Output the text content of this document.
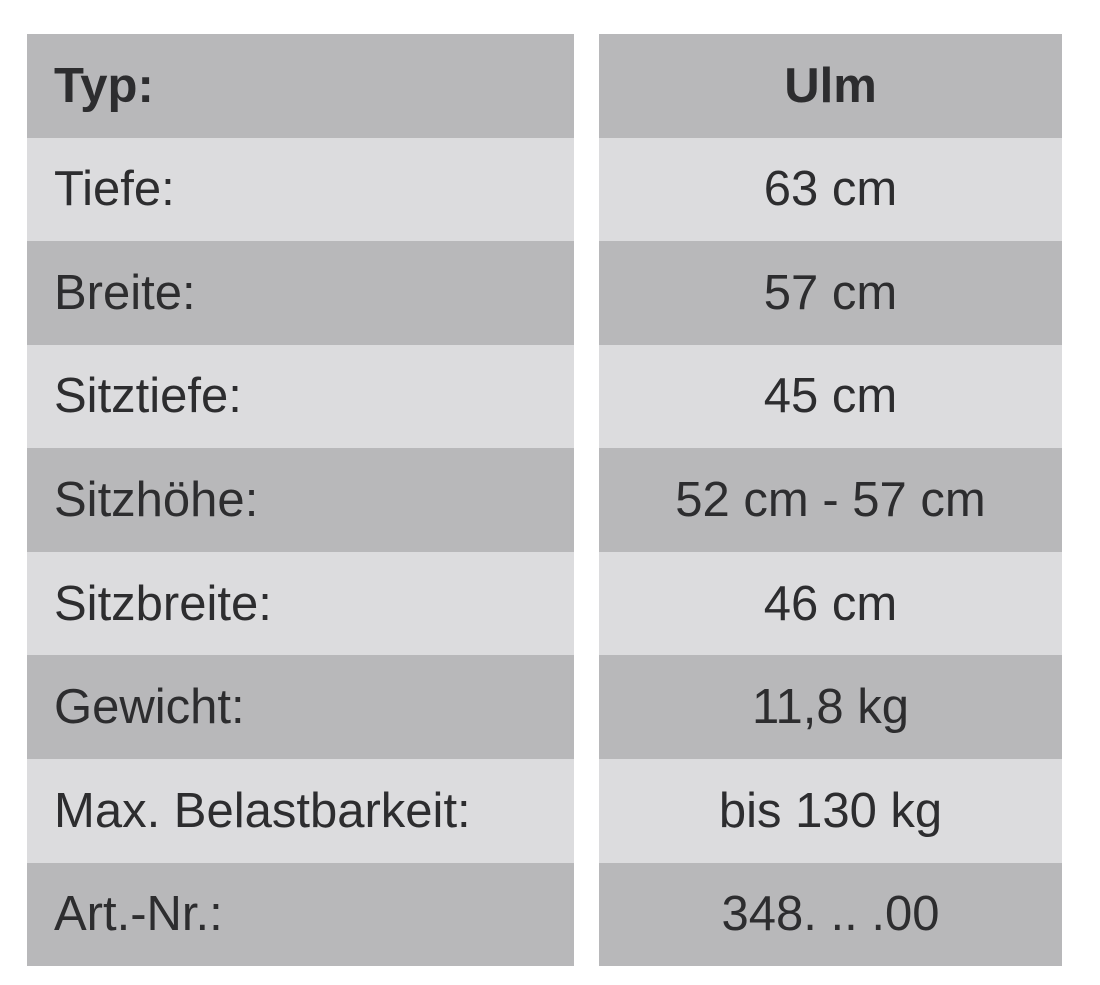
Typ:
Tiefe:
Breite:
Sitztiefe:
Sitzhöhe:
Sitzbreite:
Gewicht:
Max. Belastbarkeit:
Art.-Nr.:
Ulm
63 cm
57 cm
45 cm
52 cm - 57 cm
46 cm
11,8 kg
bis 130 kg
348. .. .00
